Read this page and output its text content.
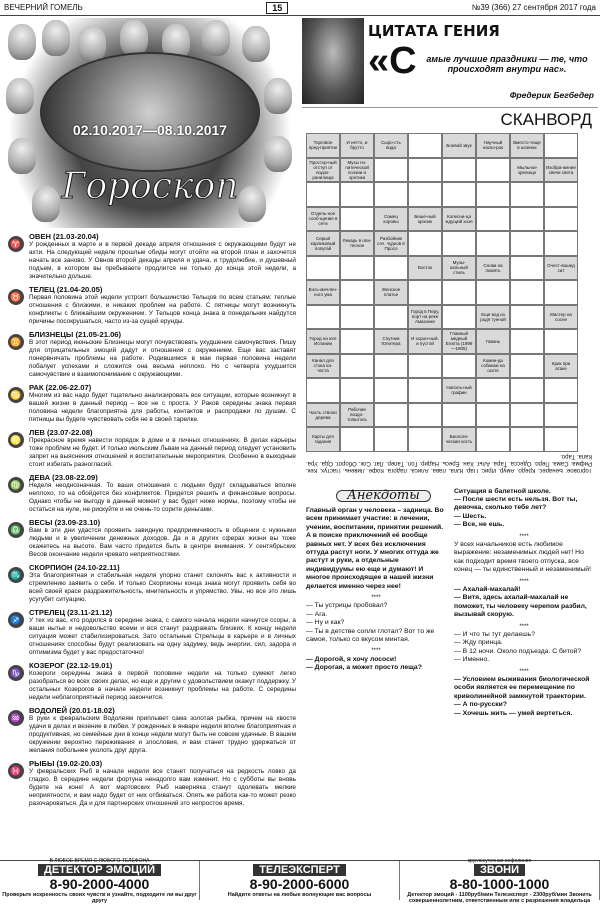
ВЕЧЕРНИЙ ГОМЕЛЬ	15	№39 (366) 27 сентября 2017 года
02.10.2017—08.10.2017
Гороскоп
♈
ОВЕН (21.03-20.04)
У рожденных в марте и в первой декаде апреля отношения с окружающими будут не ахти. На следующей неделе прошлые обиды могут отойти на второй план и захочется начать все заново. У Овнов второй декады апреля и удача, и трудолюбие, и душевный подъем, в котором вы пребываете продлится не только до конца этой недели, а значительно дольше.
♉
ТЕЛЕЦ (21.04-20.05)
Первая половина этой недели устроит большинство Тельцов по всем статьям: теплые отношения с близкими, и никаких проблем на работе. С пятницы могут возникнуть конфликты с ближайшим окружением. У Тельцов конца знака в понедельник найдутся причины посокрушаться, часто из-за сущей ерунды.
♊
БЛИЗНЕЦЫ (21.05-21.06)
В этот период июньские Близнецы могут почувствовать ухудшение самочувствия. Пишу для отрицательных эмоций дадут и отношения с окружением. Еще вас заставят понервничать проблемы на работе. Родившимся в мае первая половина недели побалует успехами и сложится она весьма неплохо. Но с четверга ухудшится самочувствие и взаимопонимание с окружающими.
♋
РАК (22.06-22.07)
Многим из вас надо будет тщательно анализировать все ситуации, которые возникнут в вашей жизни в данный период – все не с проста. У Раков середины знака первая половина недели благоприятна для работы, контактов и распродажи по душам. С пятницы вы будете чувствовать себя не в своей тарелке.
♌
ЛЕВ (23.07-22.08)
Прекрасное время навести порядок в доме и в личных отношениях. В делах карьеры тоже проблем не будет. И только июльским Львам на данный период следует установить запрет на выяснения отношений и воспитательные мероприятия. Особенно в выходные стоит избегать разногласий.
♍
ДЕВА (23.08-22.09)
Неделя неоднозначная. То ваши отношения с людьми будут складываться вполне неплохо, то на обойдется без конфликтов. Придется решить и финансовые вопросы. Однако чтобы не выгоду в данный момент у вас будет ниже нормы, поэтому чтобы не остаться на нуле, не рискуйте и не очень-то сорите деньгами.
♎
ВЕСЫ (23.09-23.10)
Вам в эти дни удастся проявить завидную предприимчивость в общении с нужными людьми и в увеличении денежных доходов. Да и в других сферах жизни вы тоже окажетесь на высоте. Вам часто придется быть в центре внимания. У сентябрьских Весов окончание недели чревато неприятностями.
♏
СКОРПИОН (24.10-22.11)
Эта благоприятная и стабильная неделя упорно станет склонять вас к активности и стремлению заявить о себе. И только Скорпионы конца знака могут проявить себя во всей своей красе раздражительность, мнительность и упрямство. Увы, но все это лишь усугубит ситуацию.
♐
СТРЕЛЕЦ (23.11-21.12)
У тех из вас, кто родился в середине знака, с самого начала недели начнутся ссоры, а ваши нытье и недовольство всеми и вся станут раздражать близких. К концу недели ситуация может стабилизироваться. Зато остальные Стрельцы в карьере и в личных отношениях способны будут реализовать на одну задумку, ведь энергии, сил, задора и оптимизма будет у вас предостаточно!
♑
КОЗЕРОГ (22.12-19.01)
Козероги середины знака в первой половине недели на только сумеют легко разобраться во всех своих делах, но еще и другим с удовольствием окажут поддержку. У остальных Козерогов в начале недели возникнут проблемы на работе. С середины недели неблагоприятный период закончится.
♒
ВОДОЛЕЙ (20.01-18.02)
В руки к февральским Водолеям приплывет сама золотая рыбка, причем на хвосте удачи в делах и везение в любви. У рожденных в январе неделя вполне благоприятная и продуктивная, но семейные дни в конце недели могут быть не совсем удачные. В вашем окружении вероятно переживания и злословия, и вам станет трудно удержаться от желания побольнее уколоть друг друга.
♓
РЫБЫ (19.02-20.03)
У февральских Рыб в начале недели все станет получаться на редкость ловко да гладко. В середине недели фортуна ненадолго вам изменит. Но с субботы вы вновь будете на коне! А вот мартовских Рыб наверняка станут одолевать мелкие неприятности, и вам надо будет от них отбиваться. Опять же работа как-то может резко разочароваться. Да и для партнерских отношений это непростое время.
ЦИТАТА ГЕНИЯ
«С	амые лучшие праздники — те, что происходят внутри нас».
Фредерик Бегбедер
СКАНВОРД
Торговое пред-приятие
И нетто, и брутто
Сыро-сть вода	Боевой звук	Научный наско-рок
Вместо-тище в шпинах
Простор-ный отступ от водох-ранилища
Музы по-литической поэзии и эротики
Мыльное зрелище
Изобра-жение свечи света
Отдель-ное сооб-щение в сети
Самец коровы
Беше-ный кролик
Колесни-ца ждущий хозя
Серый карликовый попугай
Лекарь в опи-тесное
Разбойник соч. чуднов в Просо
Восток
Музы-кальный стиль
Снова на память
Очест-вошед сит
Вось-мичлен- ного ума
Женское платье
Город в Перу, порт на реке Амазонке
Еще вод из родя тунной
Мастер на сосне
Город на юге Испании
Спутник Юпитера
И хорон-ный, и пустой
Главный медный Египта (1899—1905)
Гавань
Канал для стока ка-честа
Коман-да собакам на охоте
Крик при атаке
Наполь-ный графин
Часть стволи дерева
Рабочие воздо-топштэль
Карты для гадания
Биологи-ческая кость
Торговое: Бенарес. Кредо. Амур. Ирис. Пар. Юла. Лава. Алиса. Ладога. Кофе. Ливень. Пастух. Кек. Рифма. Сама. Перо. Одесса. Тара. Альт. Хан. Ересь. Надир. Гол. Тапер. Лат. Сок. Оборот. Ода. Ура. Капа. Таро.
Анекдоты
Главный орган у человека – задница. Во всем принимает участие: в лечении, учении, воспитании, принятии решений. А в поиске приключений её вообще равных нет. У всех без исключения оттуда растут ноги. У многих оттуда же растут и руки, а отдельные индивидуумы ею еще и думают! И многое происходящее в нашей жизни делается именно через нее!
****
— Ты устрицы пробовал?
— Ага.
— Ну и как?
— Ты в детстве сопли глотал? Вот то же самое, только со вкусом минтая.
****
— Дорогой, я хочу лососи!
— Дорогая, а может просто леща?
Ситуация в балетной школе.
— После шести есть нельзя. Вот ты, девочка, сколько тебе лет?
— Шесть.
— Все, не ешь.
****
У всех начальников есть любимое выражение: незаменимых людей нет! Но как подходит время твоего отпуска, все конец — ты единственный и незаменимый!
****
— Ахалай-махалай!
— Витя, здесь ахалай-махалай не поможет, ты человеку черепом разбил, вызывай скорую.
****
— И что ты тут делаешь?
— Жду принца.
— В 12 ночи. Около подъезда. С битой?
— Именно.
****
— Условием выживания биологической особи является ее перемещение по криволинейной замкнутой траектории.
— А по-русски?
— Хочешь жить — умей вертеться.
В ЛЮБОЕ ВРЕМЯ С ЛЮБОГО ТЕЛЕФОНА
ДЕТЕКТОР ЭМОЦИЙ
8-90-2000-4000
Проверьте искренность своих чувств и узнайте, подходите ли вы друг другу
ТЕЛЕЭКСПЕРТ
8-90-2000-6000
Найдите ответы на любые волнующие вас вопросы
круглосуточная инфолиния
ЗВОНИ
8-80-1000-1000
Детектор эмоций - 1100руб/мин Телеэксперт - 2300руб/мин Звонить совершеннолетним, ответственным или с разрешения владельца
